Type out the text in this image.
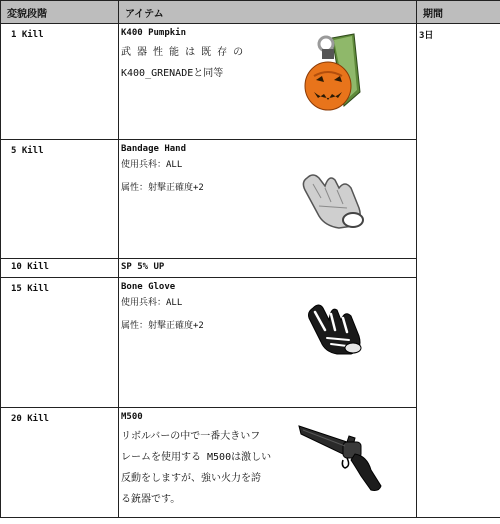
変貌段階	アイテム	期間
1 Kill	K400 Pumpkin
武 器 性 能 は 既 存 の
K400_GRENADEと同等	3日
5 Kill	Bandage Hand
使用兵科：ALL
属性：射撃正確度+2	

10 Kill	SP 5% UP	

15 Kill	Bone Glove
使用兵科：ALL
属性：射撃正確度+2	

20 Kill	M500
リボルバーの中で一番大きいフ
レームを使用する M500は激しい
反動をしますが、強い火力を誇
る銃器です。	
